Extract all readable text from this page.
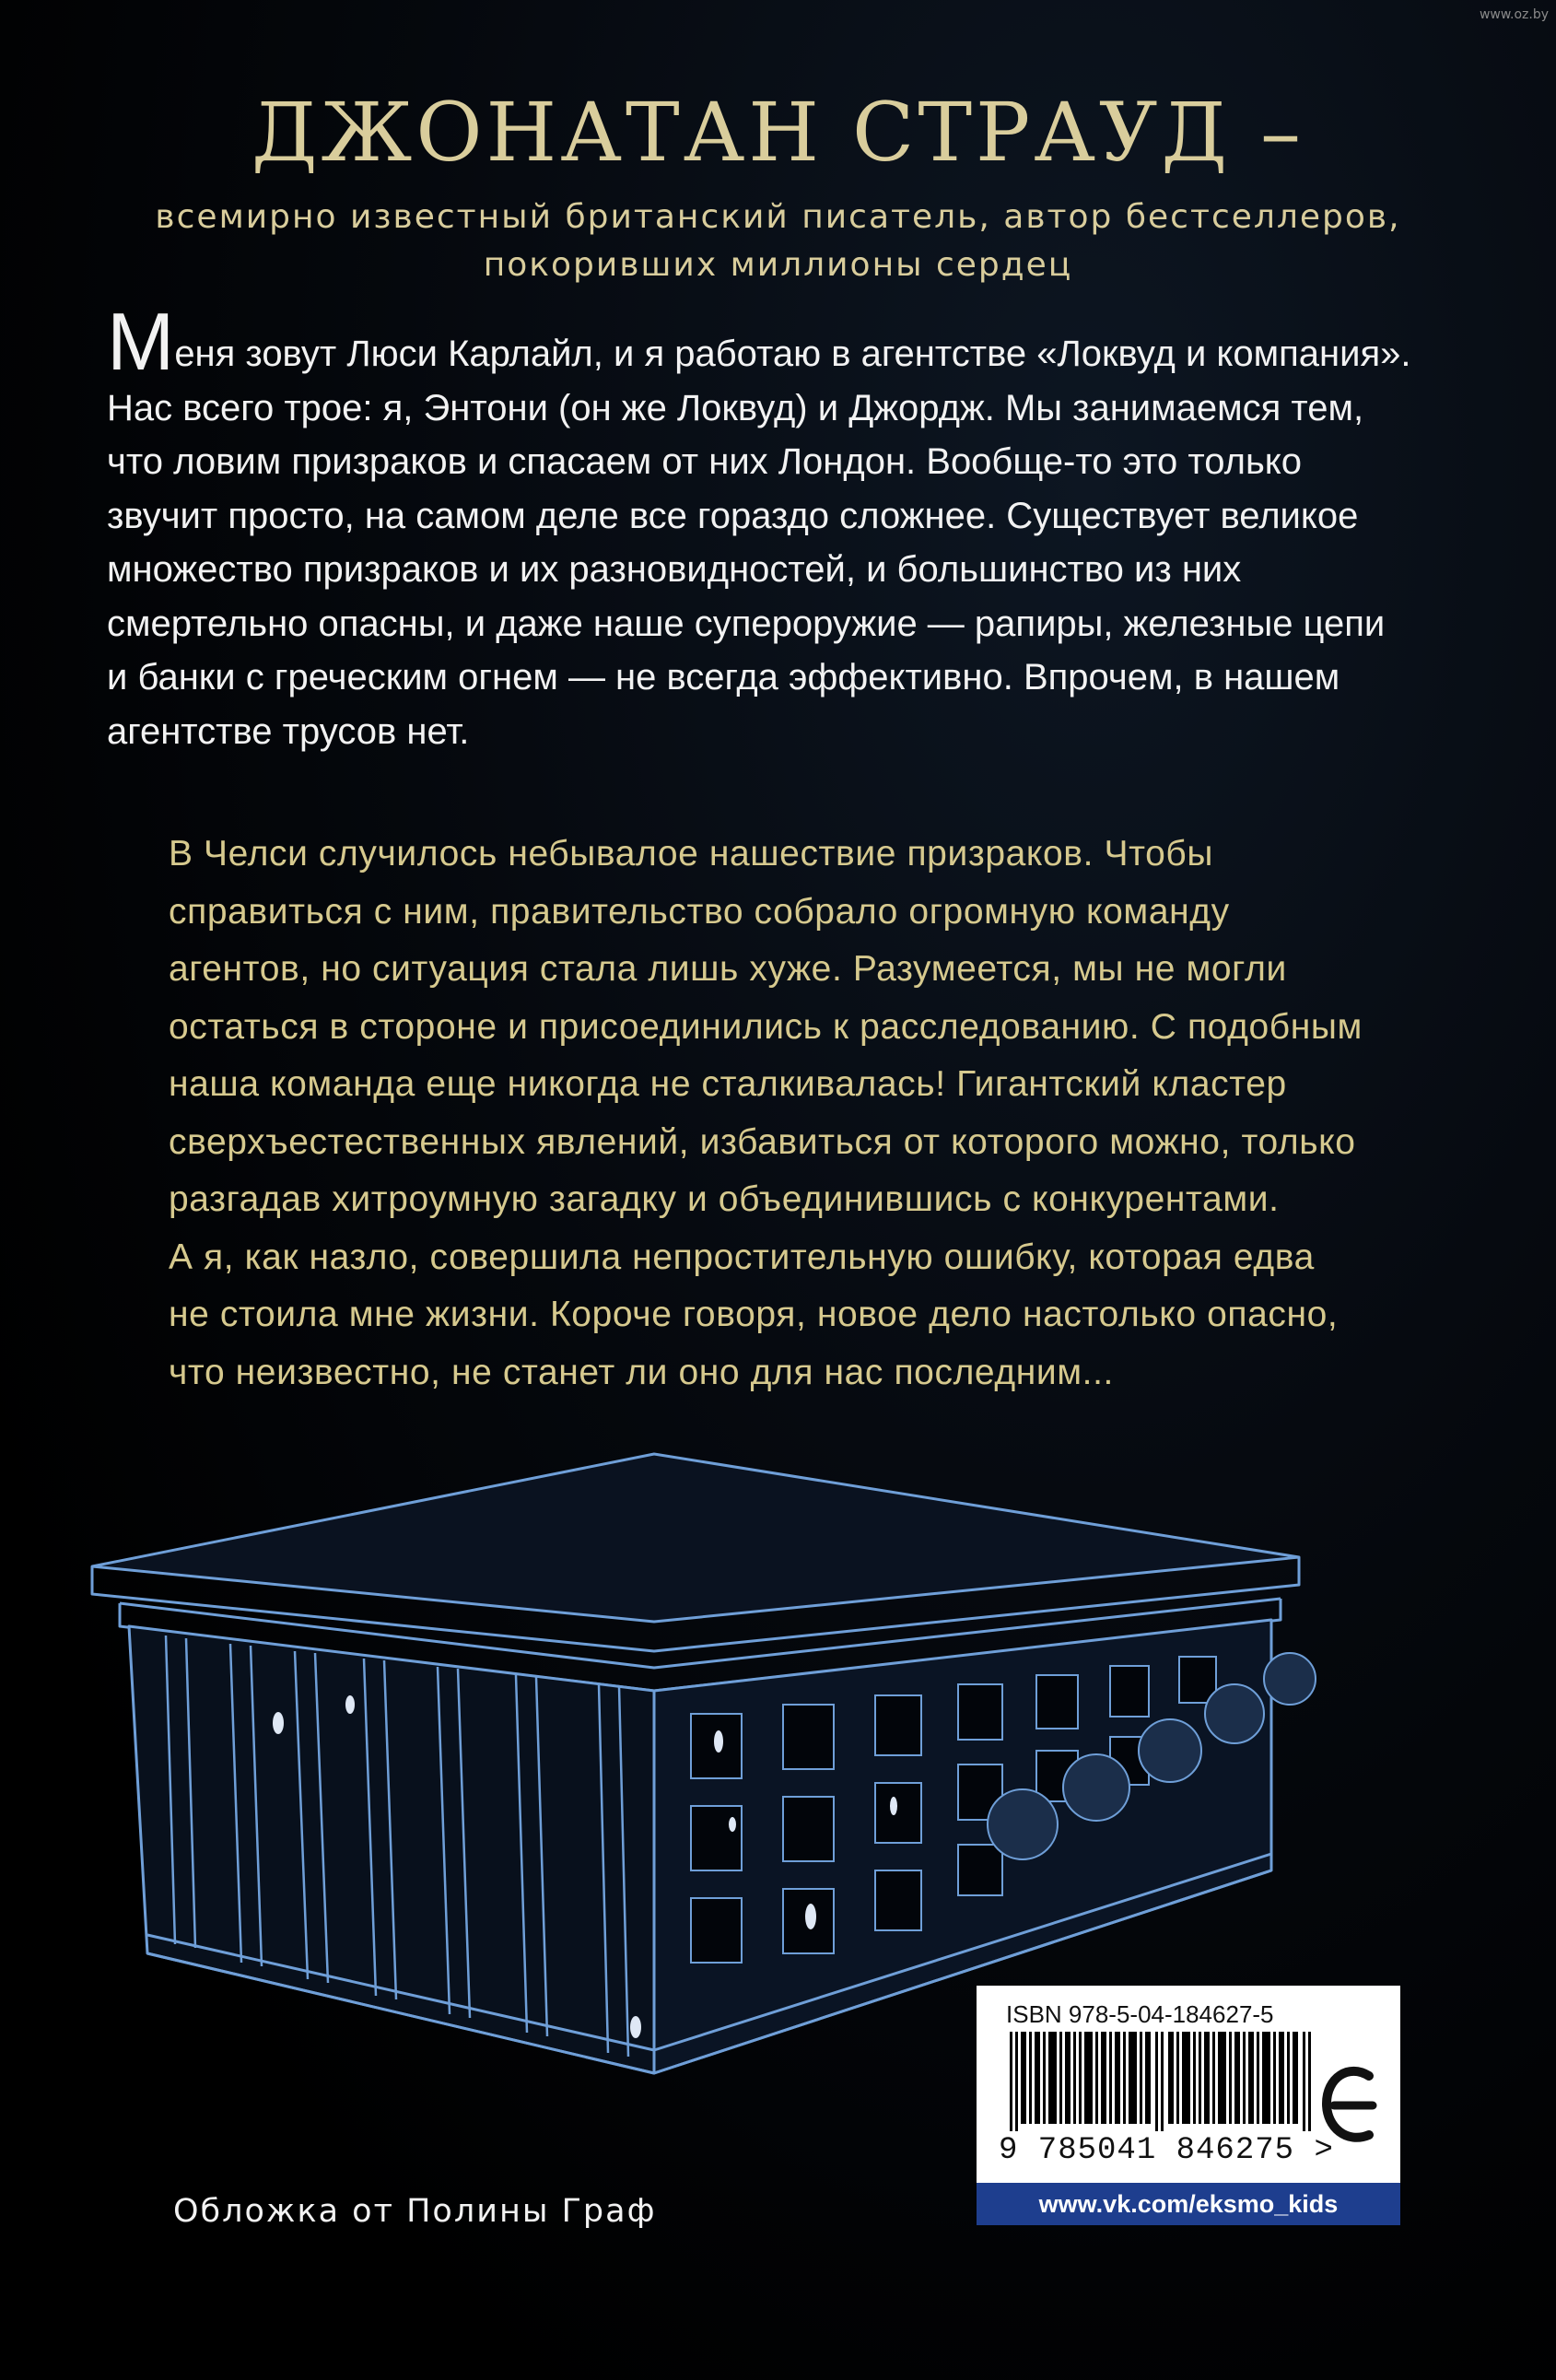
www.oz.by
ДЖОНАТАН СТРАУД –
всемирно известный британский писатель, автор бестселлеров,
покоривших миллионы сердец
Меня зовут Люси Карлайл, и я работаю в агентстве «Локвуд и компания».
Нас всего трое: я, Энтони (он же Локвуд) и Джордж. Мы занимаемся тем,
что ловим призраков и спасаем от них Лондон. Вообще-то это только
звучит просто, на самом деле все гораздо сложнее. Существует великое
множество призраков и их разновидностей, и большинство из них
смертельно опасны, и даже наше супероружие — рапиры, железные цепи
и банки с греческим огнем — не всегда эффективно. Впрочем, в нашем
агентстве трусов нет.
В Челси случилось небывалое нашествие призраков. Чтобы
справиться с ним, правительство собрало огромную команду
агентов, но ситуация стала лишь хуже. Разумеется, мы не могли
остаться в стороне и присоединились к расследованию. С подобным
наша команда еще никогда не сталкивалась! Гигантский кластер
сверхъестественных явлений, избавиться от которого можно, только
разгадав хитроумную загадку и объединившись с конкурентами.
А я, как назло, совершила непростительную ошибку, которая едва
не стоила мне жизни. Короче говоря, новое дело настолько опасно,
что неизвестно, не станет ли оно для нас последним...
Обложка от Полины Граф
ISBN 978-5-04-184627-5
9 785041 846275 >
www.vk.com/eksmo_kids
